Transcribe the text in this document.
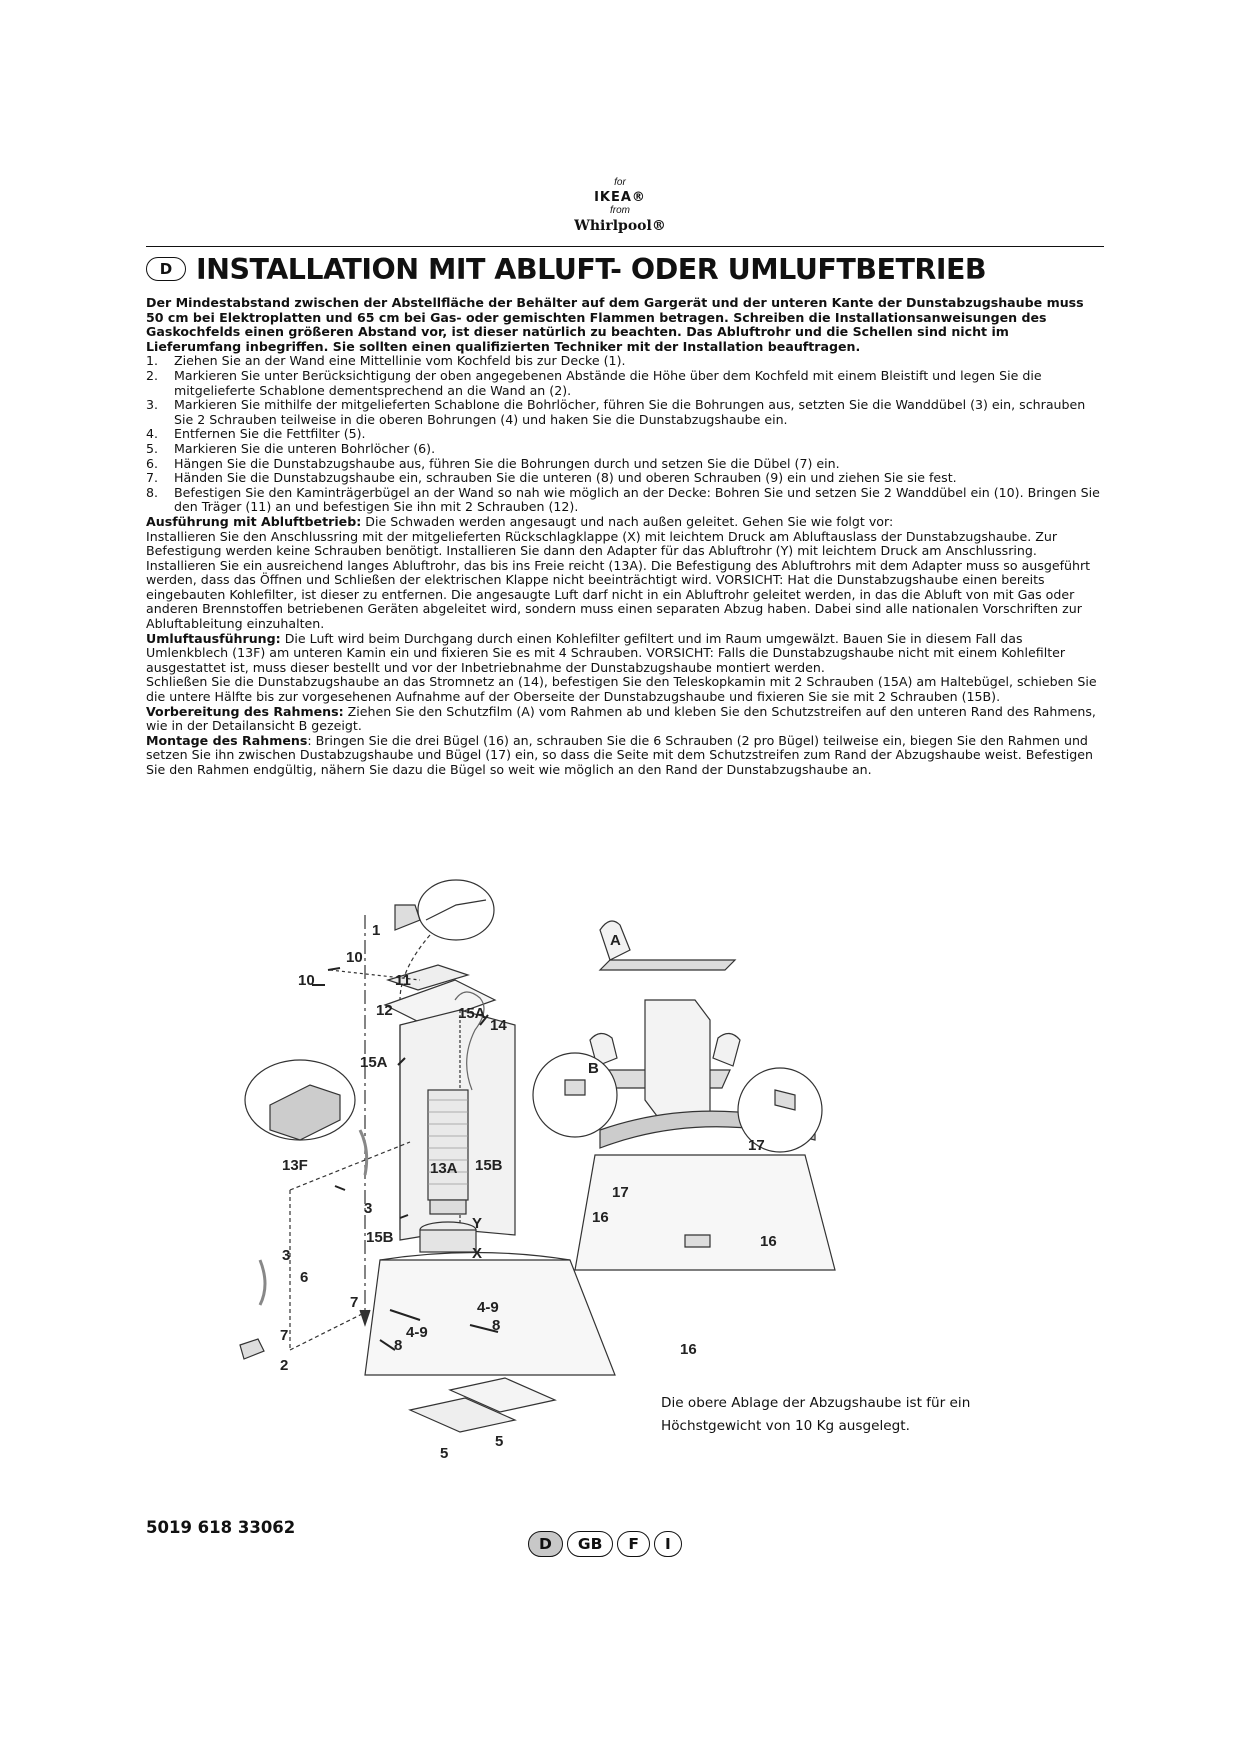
for
IKEA®
from
Whirlpool®
D INSTALLATION MIT ABLUFT- ODER UMLUFTBETRIEB

Der Mindestabstand zwischen der Abstellfläche der Behälter auf dem Gargerät und der unteren Kante der Dunstabzugshaube muss 50 cm bei Elektroplatten und 65 cm bei Gas- oder gemischten Flammen betragen. Schreiben die Installationsanweisungen des Gaskochfelds einen größeren Abstand vor, ist dieser natürlich zu beachten. Das Abluftrohr und die Schellen sind nicht im Lieferumfang inbegriffen. Sie sollten einen qualifizierten Techniker mit der Installation beauftragen.

1. Ziehen Sie an der Wand eine Mittellinie vom Kochfeld bis zur Decke (1).
2. Markieren Sie unter Berücksichtigung der oben angegebenen Abstände die Höhe über dem Kochfeld mit einem Bleistift und legen Sie die mitgelieferte Schablone dementsprechend an die Wand an (2).
3. Markieren Sie mithilfe der mitgelieferten Schablone die Bohrlöcher, führen Sie die Bohrungen aus, setzten Sie die Wanddübel (3) ein, schrauben Sie 2 Schrauben teilweise in die oberen Bohrungen (4) und haken Sie die Dunstabzugshaube ein.
4. Entfernen Sie die Fettfilter (5).
5. Markieren Sie die unteren Bohrlöcher (6).
6. Hängen Sie die Dunstabzugshaube aus, führen Sie die Bohrungen durch und setzen Sie die Dübel (7) ein.
7. Händen Sie die Dunstabzugshaube ein, schrauben Sie die unteren (8) und oberen Schrauben (9) ein und ziehen Sie sie fest.
8. Befestigen Sie den Kaminträgerbügel an der Wand so nah wie möglich an der Decke: Bohren Sie und setzen Sie 2 Wanddübel ein (10). Bringen Sie den Träger (11) an und befestigen Sie ihn mit 2 Schrauben (12).

Ausführung mit Abluftbetrieb: Die Schwaden werden angesaugt und nach außen geleitet. Gehen Sie wie folgt vor:

Installieren Sie den Anschlussring mit der mitgelieferten Rückschlagklappe (X) mit leichtem Druck am Abluftauslass der Dunstabzugshaube. Zur Befestigung werden keine Schrauben benötigt. Installieren Sie dann den Adapter für das Abluftrohr (Y) mit leichtem Druck am Anschlussring. Installieren Sie ein ausreichend langes Abluftrohr, das bis ins Freie reicht (13A). Die Befestigung des Abluftrohrs mit dem Adapter muss so ausgeführt werden, dass das Öffnen und Schließen der elektrischen Klappe nicht beeinträchtigt wird. VORSICHT: Hat die Dunstabzugshaube einen bereits eingebauten Kohlefilter, ist dieser zu entfernen. Die angesaugte Luft darf nicht in ein Abluftrohr geleitet werden, in das die Abluft von mit Gas oder anderen Brennstoffen betriebenen Geräten abgeleitet wird, sondern muss einen separaten Abzug haben. Dabei sind alle nationalen Vorschriften zur Abluftableitung einzuhalten.

Umluftausführung: Die Luft wird beim Durchgang durch einen Kohlefilter gefiltert und im Raum umgewälzt. Bauen Sie in diesem Fall das Umlenkblech (13F) am unteren Kamin ein und fixieren Sie es mit 4 Schrauben. VORSICHT: Falls die Dunstabzugshaube nicht mit einem Kohlefilter ausgestattet ist, muss dieser bestellt und vor der Inbetriebnahme der Dunstabzugshaube montiert werden.

Schließen Sie die Dunstabzugshaube an das Stromnetz an (14), befestigen Sie den Teleskopkamin mit 2 Schrauben (15A) am Haltebügel, schieben Sie die untere Hälfte bis zur vorgesehenen Aufnahme auf der Oberseite der Dunstabzugshaube und fixieren Sie sie mit 2 Schrauben (15B).

Vorbereitung des Rahmens: Ziehen Sie den Schutzfilm (A) vom Rahmen ab und kleben Sie den Schutzstreifen auf den unteren Rand des Rahmens, wie in der Detailansicht B gezeigt.

Montage des Rahmens: Bringen Sie die drei Bügel (16) an, schrauben Sie die 6 Schrauben (2 pro Bügel) teilweise ein, biegen Sie den Rahmen und setzen Sie ihn zwischen Dustabzugshaube und Bügel (17) ein, so dass die Seite mit dem Schutzstreifen zum Rand der Abzugshaube weist. Befestigen Sie den Rahmen endgültig, nähern Sie dazu die Bügel so weit wie möglich an den Rand der Dunstabzugshaube an.

1
10
10	11
12	15A
14
15A
13F	13A 15B
15B
Y
X
3
3
6
7
7
2
4-9
4-9	8
8
5
5
A
B
17
17
16
16
16
Die obere Ablage der Abzugshaube ist für ein Höchstgewicht von 10 Kg ausgelegt.
5019 618 33062
D	GB	F	I
